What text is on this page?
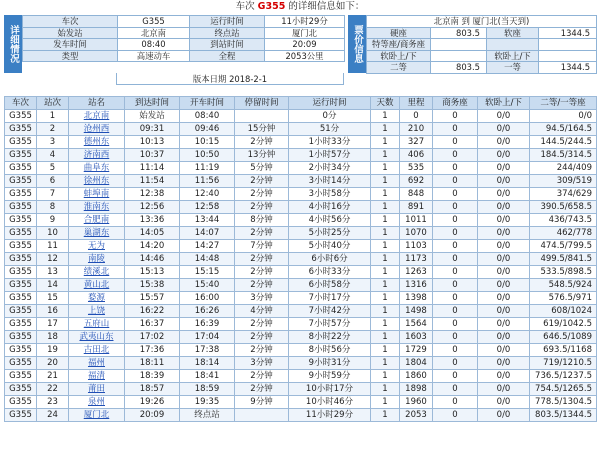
车次 G355 的详细信息如下：
详细情况
车次	G355	运行时间	11小时29分
始发站	北京南	终点站	厦门北
发车时间	08:40	到站时间	20:09
类型	高速动车	全程	2053公里
版本日期 2018-2-1
票价信息
北京南 到 厦门北(当天到)			
硬座	803.5	软座	1344.5
特等座/商务座			
软卧上/下		软卧上/下	
二等	803.5	一等	1344.5
车次	站次	站名	到达时间	开车时间	停留时间	运行时间	天数	里程	商务座	软卧上/下	二等/一等座
G355	1	北京南	始发站	08:40		0分	1	0	0	0/0	0/0
G355	2	沧州西	09:31	09:46	15分钟	51分	1	210	0	0/0	94.5/164.5
G355	3	德州东	10:13	10:15	2分钟	1小时33分	1	327	0	0/0	144.5/244.5
G355	4	济南西	10:37	10:50	13分钟	1小时57分	1	406	0	0/0	184.5/314.5
G355	5	曲阜东	11:14	11:19	5分钟	2小时34分	1	535	0	0/0	244/409
G355	6	徐州东	11:54	11:56	2分钟	3小时14分	1	692	0	0/0	309/519
G355	7	蚌埠南	12:38	12:40	2分钟	3小时58分	1	848	0	0/0	374/629
G355	8	淮南东	12:56	12:58	2分钟	4小时16分	1	891	0	0/0	390.5/658.5
G355	9	合肥南	13:36	13:44	8分钟	4小时56分	1	1011	0	0/0	436/743.5
G355	10	巢湖东	14:05	14:07	2分钟	5小时25分	1	1070	0	0/0	462/778
G355	11	无为	14:20	14:27	7分钟	5小时40分	1	1103	0	0/0	474.5/799.5
G355	12	南陵	14:46	14:48	2分钟	6小时6分	1	1173	0	0/0	499.5/841.5
G355	13	绩溪北	15:13	15:15	2分钟	6小时33分	1	1263	0	0/0	533.5/898.5
G355	14	黄山北	15:38	15:40	2分钟	6小时58分	1	1316	0	0/0	548.5/924
G355	15	婺源	15:57	16:00	3分钟	7小时17分	1	1398	0	0/0	576.5/971
G355	16	上饶	16:22	16:26	4分钟	7小时42分	1	1498	0	0/0	608/1024
G355	17	五府山	16:37	16:39	2分钟	7小时57分	1	1564	0	0/0	619/1042.5
G355	18	武夷山东	17:02	17:04	2分钟	8小时22分	1	1603	0	0/0	646.5/1089
G355	19	古田北	17:36	17:38	2分钟	8小时56分	1	1729	0	0/0	693.5/1168
G355	20	福州	18:11	18:14	3分钟	9小时31分	1	1804	0	0/0	719/1210.5
G355	21	福清	18:39	18:41	2分钟	9小时59分	1	1860	0	0/0	736.5/1237.5
G355	22	莆田	18:57	18:59	2分钟	10小时17分	1	1898	0	0/0	754.5/1265.5
G355	23	泉州	19:26	19:35	9分钟	10小时46分	1	1960	0	0/0	778.5/1304.5
G355	24	厦门北	20:09	终点站		11小时29分	1	2053	0	0/0	803.5/1344.5
